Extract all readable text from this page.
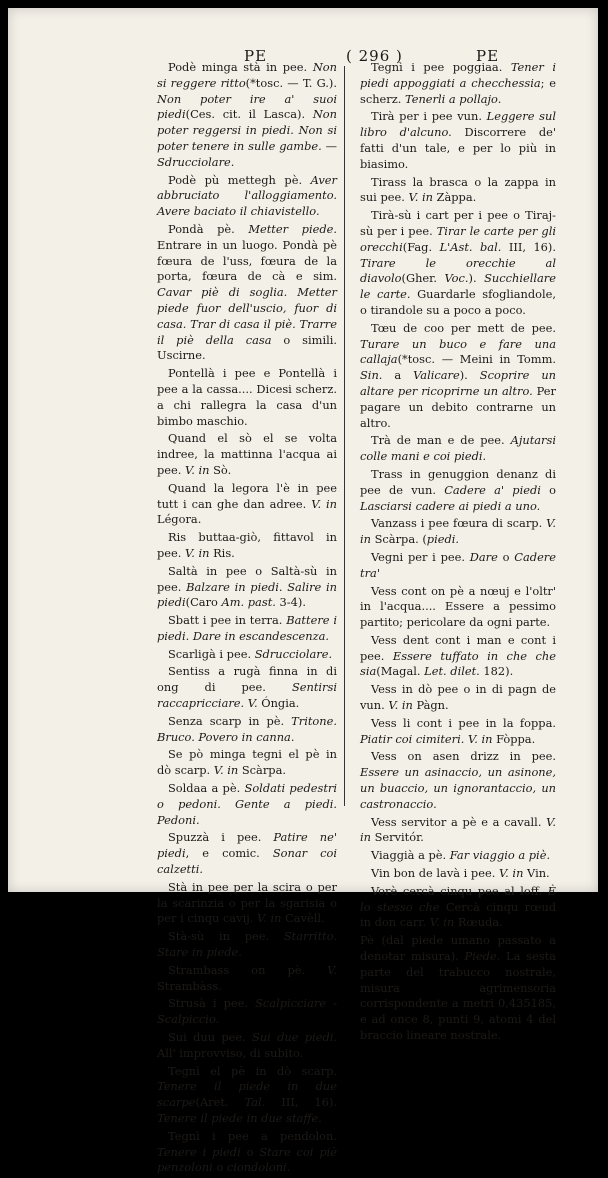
PE	( 296 )	PE

Podè minga stà in pee. Non si reggere ritto(*tosc. — T. G.). Non poter ire a' suoi piedi(Ces. cit. il Lasca). Non poter reggersi in piedi. Non si poter tenere in sulle gambe. — Sdrucciolare.

Podè pù mettegh pè. Aver abbruciato l'alloggiamento. Avere baciato il chiavistello.

Pondà pè. Metter piede. Entrare in un luogo. Pondà pè fœura de l'uss, fœura de la porta, fœura de cà e sim. Cavar piè di soglia. Metter piede fuor dell'uscio, fuor di casa. Trar di casa il piè. Trarre il piè della casa o simili. Uscirne.

Pontellà i pee e Pontellà i pee a la cassa.... Dicesi scherz. a chi rallegra la casa d'un bimbo maschio.

Quand el sò el se volta indree, la mattinna l'acqua ai pee. V. in Sò.

Quand la legora l'è in pee tutt i can ghe dan adree. V. in Légora.

Ris buttaa-giò, fittavol in pee. V. in Ris.

Saltà in pee o Saltà-sù in pee. Balzare in piedi. Salire in piedi(Caro Am. past. 3-4).

Sbatt i pee in terra. Battere i piedi. Dare in escandescenza.

Scarligà i pee. Sdrucciolare.

Sentiss a rugà finna in di ong di pee. Sentirsi raccapricciare. V. Óngia.

Senza scarp in pè. Tritone. Bruco. Povero in canna.

Se pò minga tegni el pè in dò scarp. V. in Scàrpa.

Soldaa a pè. Soldati pedestri o pedoni. Gente a piedi. Pedoni.

Spuzzà i pee. Patire ne' piedi, e comic. Sonar coi calzetti.

Stà in pee per la scira o per la scarinzia o per la sgarisia o per i cinqu cavij. V. in Cavèll.

Stà-sù in pee. Starritto. Stare in piede.

Strambass on pè. V. Strambàss.

Strusà i pee. Scalpicciare - Scalpiccio.

Sui duu pee. Sui due piedi. All' improvviso, di subito.

Tegnì el pè in dò scarp. Tenere il piede in due scarpe(Aret. Tal. III, 16). Tenere il piede in due staffe.

Tegnì i pee a pendolon. Tenere i piedi o Stare coi piè penzoloni o ciondoloni.

Tegnì i pee poggiaa. Tener i piedi appoggiati a checchessia; e scherz. Tenerli a pollajo.

Tirà per i pee vun. Leggere sul libro d'alcuno. Discorrere de' fatti d'un tale, e per lo più in biasimo.

Tirass la brasca o la zappa in sui pee. V. in Zàppa.

Tirà-sù i cart per i pee o Tiraj-sù per i pee. Tirar le carte per gli orecchi(Fag. L'Ast. bal. III, 16). Tirare le orecchie al diavolo(Gher. Voc.). Succhiellare le carte. Guardarle sfogliandole, o tirandole su a poco a poco.

Tœu de coo per mett de pee. Turare un buco e fare una callaja(*tosc. — Meini in Tomm. Sin. a Valicare). Scoprire un altare per ricoprirne un altro. Per pagare un debito contrarne un altro.

Trà de man e de pee. Ajutarsi colle mani e coi piedi.

Trass in genuggion denanz di pee de vun. Cadere a' piedi o Lasciarsi cadere ai piedi a uno.

Vanzass i pee fœura di scarp. V. in Scàrpa. (piedi.

Vegni per i pee. Dare o Cadere tra'

Vess cont on pè a nœuj e l'oltr' in l'acqua.... Essere a pessimo partito; pericolare da ogni parte.

Vess dent cont i man e cont i pee. Essere tuffato in che che sia(Magal. Let. dilet. 182).

Vess in dò pee o in di pagn de vun. V. in Pàgn.

Vess li cont i pee in la foppa. Piatir coi cimiteri. V. in Fòppa.

Vess on asen drizz in pee. Essere un asinaccio, un asinone, un buaccio, un ignorantaccio, un castronaccio.

Vess servitor a pè e a cavall. V. in Servitór.

Viaggià a pè. Far viaggio a piè.

Vin bon de lavà i pee. V. in Vin.

Vorè cercà cinqu pee al loff. È lo stesso che Cercà cinqu rœud in don carr. V. in Rœuda.

Pè (dal piede umano passato a denotar misura). Piede. La sesta parte del trabucco nostrale, misura agrimensoria corrispondente a metri 0,435185, e ad once 8, punti 9, atomi 4 del braccio lineare nostrale.
